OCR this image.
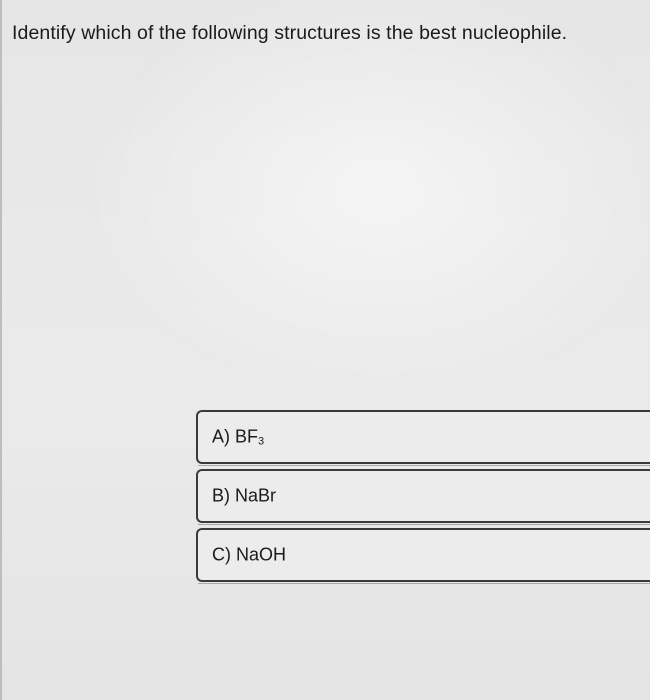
Identify which of the following structures is the best nucleophile.
A) $BF_3$
B) NaBr
C) NaOH
